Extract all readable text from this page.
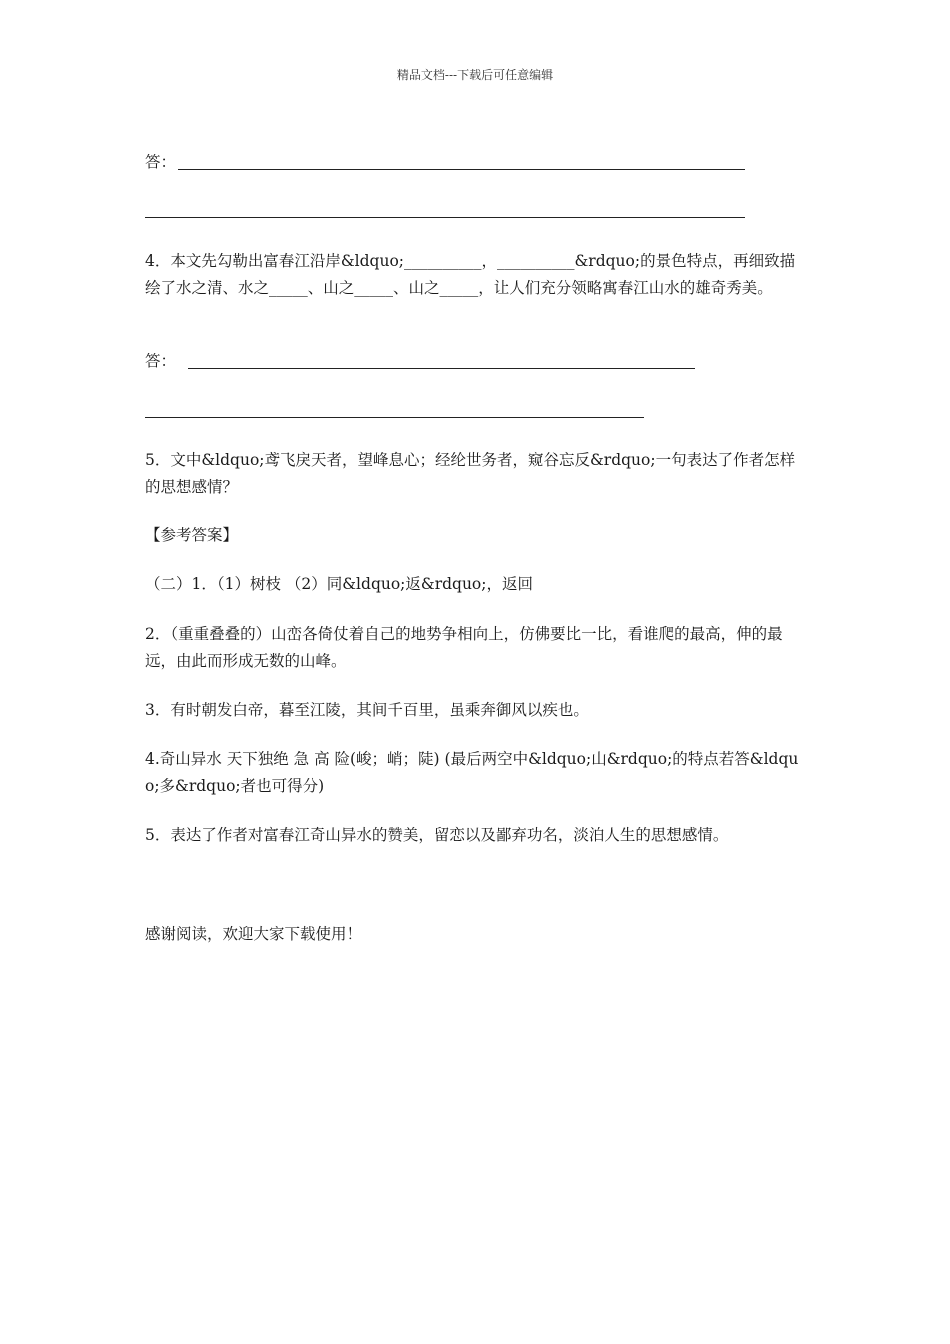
精品文档---下载后可任意编辑
答：
4．本文先勾勒出富春江沿岸&ldquo;__________，__________&rdquo;的景色特点，再细致描绘了水之清、水之_____、山之_____、山之_____，让人们充分领略寓春江山水的雄奇秀美。
答：
5．文中&ldquo;鸢飞戾天者，望峰息心；经纶世务者，窥谷忘反&rdquo;一句表达了作者怎样的思想感情？
【参考答案】
（二）1．（1）树枝 （2）同&ldquo;返&rdquo;，返回
2．（重重叠叠的）山峦各倚仗着自己的地势争相向上，仿佛要比一比，看谁爬的最高，伸的最远，由此而形成无数的山峰。
3．有时朝发白帝，暮至江陵，其间千百里，虽乘奔御风以疾也。
4.奇山异水 天下独绝 急 高 险(峻；峭；陡) (最后两空中&ldquo;山&rdquo;的特点若答&ldquo;多&rdquo;者也可得分)
5．表达了作者对富春江奇山异水的赞美，留恋以及鄙弃功名，淡泊人生的思想感情。
感谢阅读，欢迎大家下载使用！
